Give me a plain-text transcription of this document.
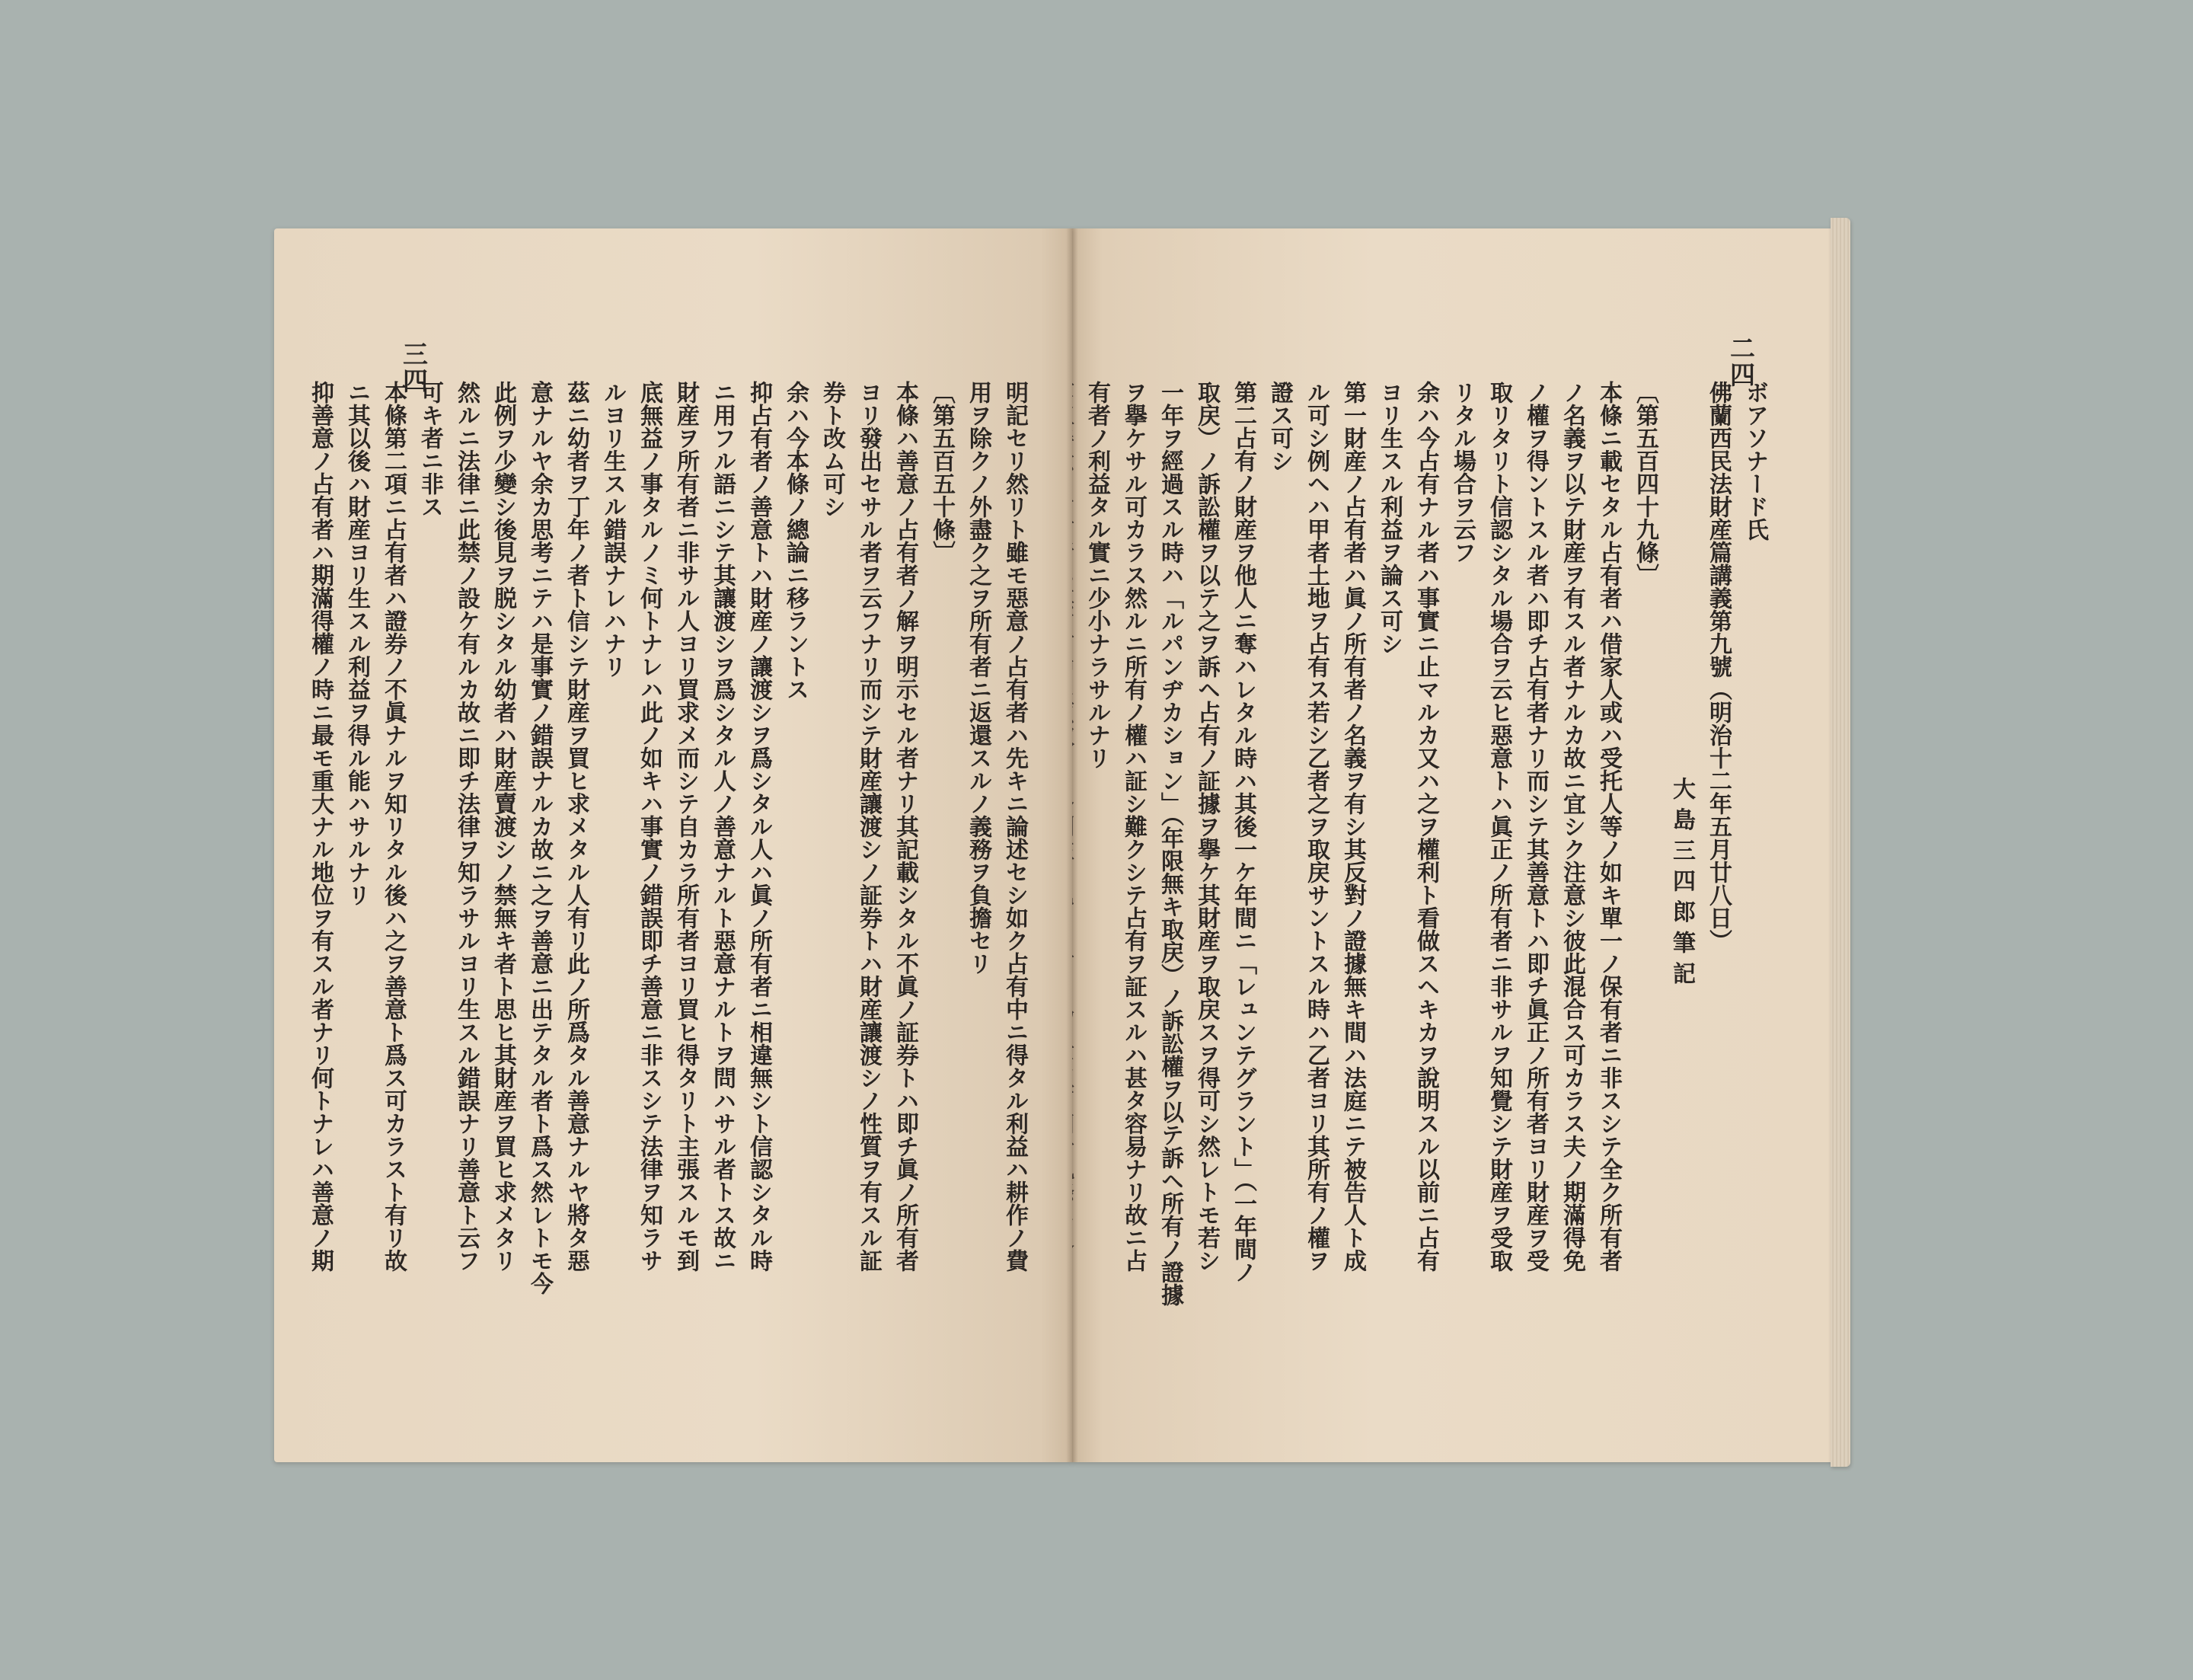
二四
ボアソナード氏
佛蘭西民法財産篇講義第九號（明治十二年五月廿八日）
大 島 三 四 郎 筆 記
〔第五百四十九條〕
本條ニ載セタル占有者ハ借家人或ハ受托人等ノ如キ單一ノ保有者ニ非スシテ全ク所有者
ノ名義ヲ以テ財産ヲ有スル者ナルカ故ニ宜シク注意シ彼此混合ス可カラス夫ノ期滿得免
ノ權ヲ得ントスル者ハ即チ占有者ナリ而シテ其善意トハ即チ眞正ノ所有者ヨリ財産ヲ受
取リタリト信認シタル場合ヲ云ヒ惡意トハ眞正ノ所有者ニ非サルヲ知覺シテ財産ヲ受取
リタル場合ヲ云フ
余ハ今占有ナル者ハ事實ニ止マルカ又ハ之ヲ權利ト看做スヘキカヲ說明スル以前ニ占有
ヨリ生スル利益ヲ論ス可シ
第一財産ノ占有者ハ眞ノ所有者ノ名義ヲ有シ其反對ノ證據無キ間ハ法庭ニテ被告人ト成
ル可シ例ヘハ甲者土地ヲ占有ス若シ乙者之ヲ取戻サントスル時ハ乙者ヨリ其所有ノ權ヲ
證ス可シ
第二占有ノ財産ヲ他人ニ奪ハレタル時ハ其後一ケ年間ニ「レュンテグラント」（一年間ノ
取戻）ノ訴訟權ヲ以テ之ヲ訴ヘ占有ノ証據ヲ擧ケ其財産ヲ取戻スヲ得可シ然レトモ若シ
一年ヲ經過スル時ハ「ルパンヂカション」（年限無キ取戻）ノ訴訟權ヲ以テ訴ヘ所有ノ證據
ヲ擧ケサル可カラス然ルニ所有ノ權ハ証シ難クシテ占有ヲ証スルハ甚タ容易ナリ故ニ占
有者ノ利益タル實ニ少小ナラサルナリ
三四
明記セリ然リト雖モ惡意ノ占有者ハ先キニ論述セシ如ク占有中ニ得タル利益ハ耕作ノ費
用ヲ除クノ外盡ク之ヲ所有者ニ返還スルノ義務ヲ負擔セリ
〔第五百五十條〕
本條ハ善意ノ占有者ノ解ヲ明示セル者ナリ其記載シタル不眞ノ証券トハ即チ眞ノ所有者
ヨリ發出セサル者ヲ云フナリ而シテ財産讓渡シノ証券トハ財産讓渡シノ性質ヲ有スル証
券ト改ム可シ
余ハ今本條ノ總論ニ移ラントス
抑占有者ノ善意トハ財産ノ讓渡シヲ爲シタル人ハ眞ノ所有者ニ相違無シト信認シタル時
ニ用フル語ニシテ其讓渡シヲ爲シタル人ノ善意ナルト惡意ナルトヲ問ハサル者トス故ニ
財産ヲ所有者ニ非サル人ヨリ買求メ而シテ自カラ所有者ヨリ買ヒ得タリト主張スルモ到
底無益ノ事タルノミ何トナレハ此ノ如キハ事實ノ錯誤即チ善意ニ非スシテ法律ヲ知ラサ
ルヨリ生スル錯誤ナレハナリ
茲ニ幼者ヲ丁年ノ者ト信シテ財産ヲ買ヒ求メタル人有リ此ノ所爲タル善意ナルヤ將タ惡
意ナルヤ余カ思考ニテハ是事實ノ錯誤ナルカ故ニ之ヲ善意ニ出テタル者ト爲ス然レトモ今
此例ヲ少變シ後見ヲ脱シタル幼者ハ財産賣渡シノ禁無キ者ト思ヒ其財産ヲ買ヒ求メタリ
然ルニ法律ニ此禁ノ設ケ有ルカ故ニ即チ法律ヲ知ラサルヨリ生スル錯誤ナリ善意ト云フ
可キ者ニ非ス
本條第二項ニ占有者ハ證券ノ不眞ナルヲ知リタル後ハ之ヲ善意ト爲ス可カラスト有リ故
ニ其以後ハ財産ヨリ生スル利益ヲ得ル能ハサルナリ
抑善意ノ占有者ハ期滿得權ノ時ニ最モ重大ナル地位ヲ有スル者ナリ何トナレハ善意ノ期
